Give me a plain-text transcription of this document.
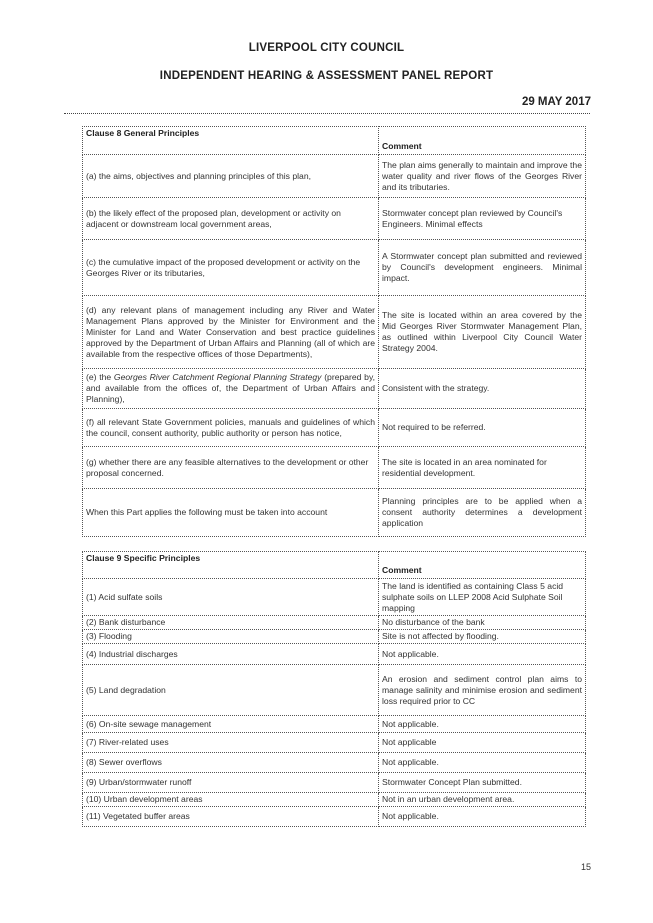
LIVERPOOL CITY COUNCIL
INDEPENDENT HEARING & ASSESSMENT PANEL REPORT
29 MAY 2017
Clause 8 General Principles	Comment
(a) the aims, objectives and planning principles of this plan,	The plan aims generally to maintain and improve the water quality and river flows of the Georges River and its tributaries.
(b) the likely effect of the proposed plan, development or activity on adjacent or downstream local government areas,	Stormwater concept plan reviewed by Council's Engineers. Minimal effects
(c) the cumulative impact of the proposed development or activity on the Georges River or its tributaries,	A Stormwater concept plan submitted and reviewed by Council's development engineers. Minimal impact.
(d) any relevant plans of management including any River and Water Management Plans approved by the Minister for Environment and the Minister for Land and Water Conservation and best practice guidelines approved by the Department of Urban Affairs and Planning (all of which are available from the respective offices of those Departments),	The site is located within an area covered by the Mid Georges River Stormwater Management Plan, as outlined within Liverpool City Council Water Strategy 2004.
(e) the Georges River Catchment Regional Planning Strategy (prepared by, and available from the offices of, the Department of Urban Affairs and Planning),	Consistent with the strategy.
(f) all relevant State Government policies, manuals and guidelines of which the council, consent authority, public authority or person has notice,	Not required to be referred.
(g) whether there are any feasible alternatives to the development or other proposal concerned.	The site is located in an area nominated for residential development.
When this Part applies the following must be taken into account	Planning principles are to be applied when a consent authority determines a development application
Clause 9 Specific Principles	Comment
(1) Acid sulfate soils	The land is identified as containing Class 5 acid sulphate soils on LLEP 2008 Acid Sulphate Soil mapping
(2) Bank disturbance	No disturbance of the bank
(3) Flooding	Site is not affected by flooding.
(4) Industrial discharges	Not applicable.
(5) Land degradation	An erosion and sediment control plan aims to manage salinity and minimise erosion and sediment loss required prior to CC
(6) On-site sewage management	Not applicable.
(7) River-related uses	Not applicable
(8) Sewer overflows	Not applicable.
(9) Urban/stormwater runoff	Stormwater Concept Plan submitted.
(10) Urban development areas	Not in an urban development area.
(11) Vegetated buffer areas	Not applicable.
15
